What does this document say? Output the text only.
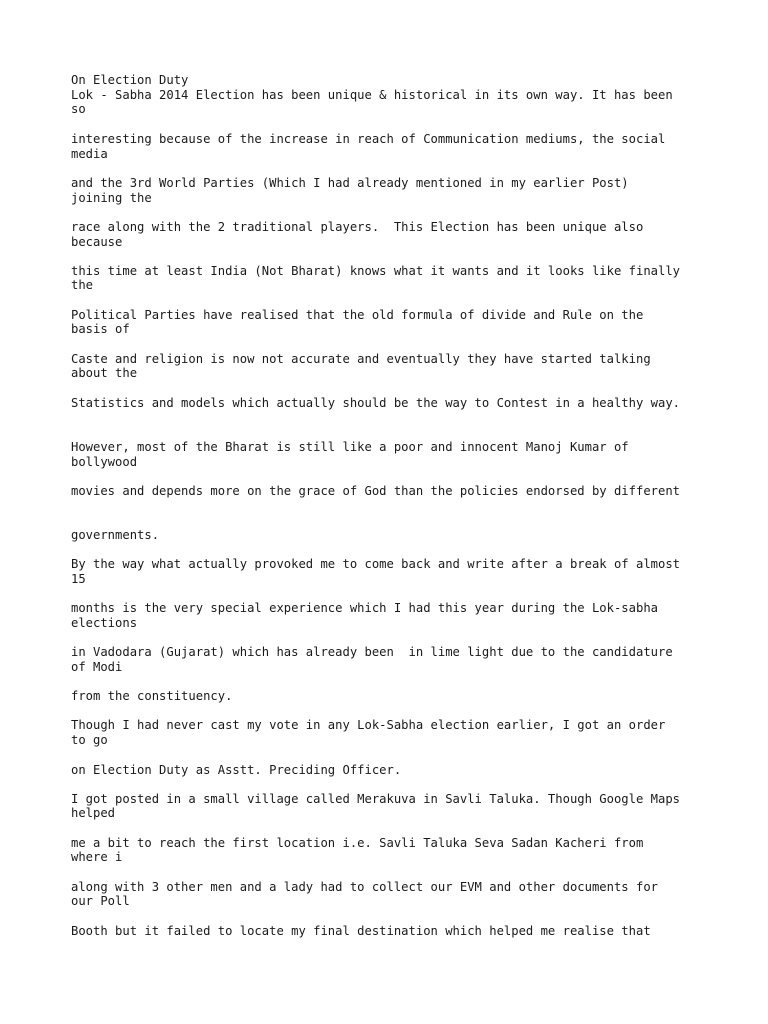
On Election Duty

Lok - Sabha 2014 Election has been unique & historical in its own way. It has been

so

interesting because of the increase in reach of Communication mediums, the social

media

and the 3rd World Parties (Which I had already mentioned in my earlier Post)

joining the

race along with the 2 traditional players.  This Election has been unique also

because

this time at least India (Not Bharat) knows what it wants and it looks like finally

the

Political Parties have realised that the old formula of divide and Rule on the

basis of

Caste and religion is now not accurate and eventually they have started talking

about the

Statistics and models which actually should be the way to Contest in a healthy way.

However, most of the Bharat is still like a poor and innocent Manoj Kumar of

bollywood

movies and depends more on the grace of God than the policies endorsed by different

governments.

By the way what actually provoked me to come back and write after a break of almost

15

months is the very special experience which I had this year during the Lok-sabha

elections

in Vadodara (Gujarat) which has already been  in lime light due to the candidature

of Modi

from the constituency.

Though I had never cast my vote in any Lok-Sabha election earlier, I got an order

to go

on Election Duty as Asstt. Preciding Officer.

I got posted in a small village called Merakuva in Savli Taluka. Though Google Maps

helped

me a bit to reach the first location i.e. Savli Taluka Seva Sadan Kacheri from

where i

along with 3 other men and a lady had to collect our EVM and other documents for

our Poll

Booth but it failed to locate my final destination which helped me realise that
